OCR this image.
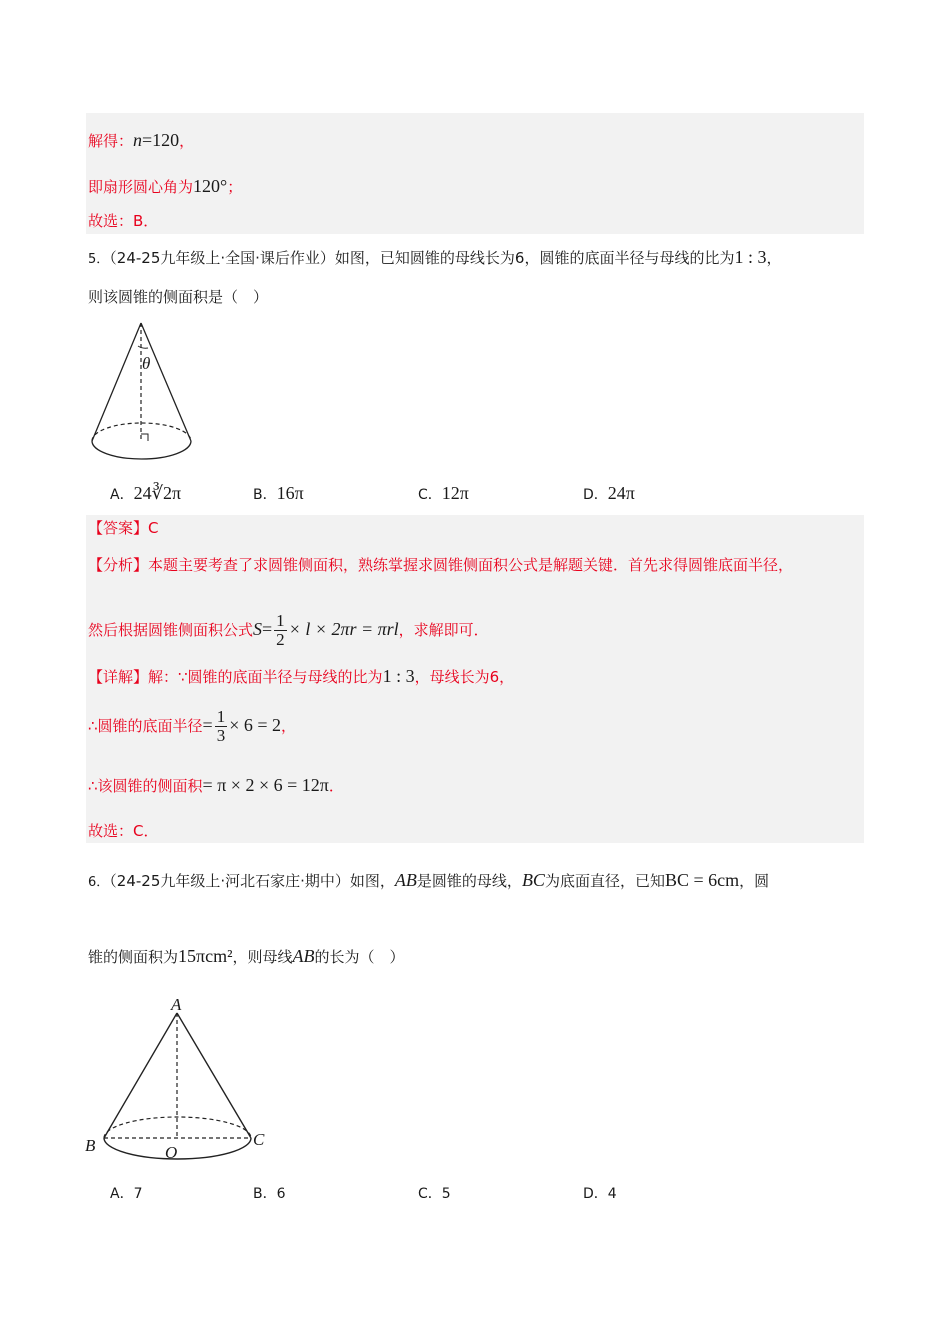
解得：n=120，
即扇形圆心角为120°；
故选：B．
5．（24-25九年级上·全国·课后作业）如图，已知圆锥的母线长为6，圆锥的底面半径与母线的比为1 : 3，
则该圆锥的侧面积是（　）
θ
A．24∛2π	B．16π	C．12π	D．24π
【答案】C
【分析】本题主要考查了求圆锥侧面积，熟练掌握求圆锥侧面积公式是解题关键．首先求得圆锥底面半径，
然后根据圆锥侧面积公式$S= \frac{1}{2} \times l \times 2\pi r = \pi rl$，求解即可．
【详解】解：∵圆锥的底面半径与母线的比为1 : 3，母线长为6，
∴圆锥的底面半径= $\frac{1}{3} \times 6 = 2$，
∴该圆锥的侧面积= π × 2 × 6 = 12π．
故选：C．
6．（24-25九年级上·河北石家庄·期中）如图，AB是圆锥的母线，BC为底面直径，已知BC = 6cm，圆
锥的侧面积为15πcm²，则母线AB的长为（　）
A
B	C
O
A．7	B．6	C．5	D．4
